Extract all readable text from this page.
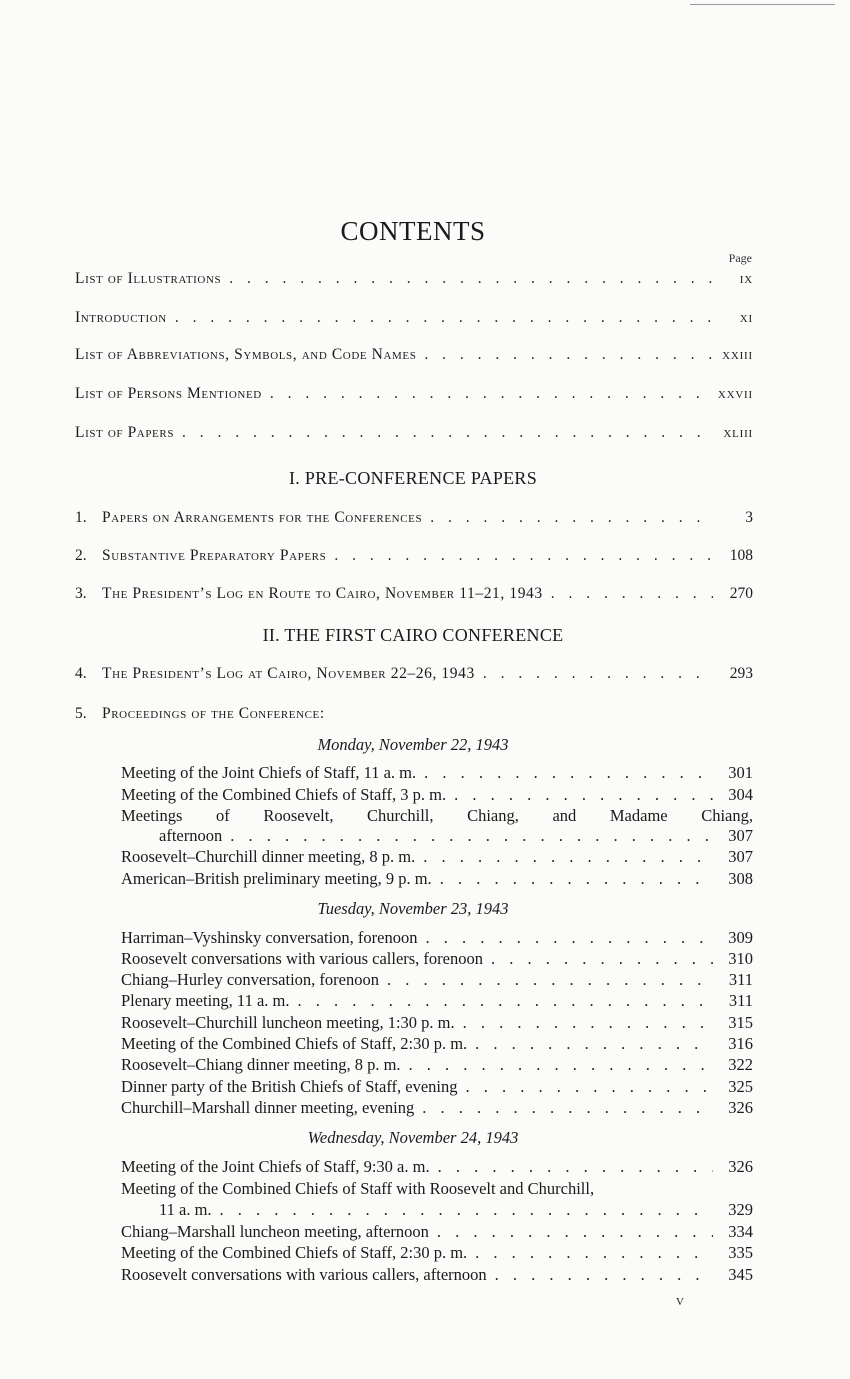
CONTENTS
Page
List of Illustrations . . .	ix
Introduction . . .	xi
List of Abbreviations, Symbols, and Code Names . . .	xxiii
List of Persons Mentioned . . .	xxvii
List of Papers . . .	xliii
I. PRE-CONFERENCE PAPERS
1. Papers on Arrangements for the Conferences . . .	3
2. Substantive Preparatory Papers . . .	108
3. The President’s Log en Route to Cairo, November 11–21, 1943 . . .	270
II. THE FIRST CAIRO CONFERENCE
4. The President’s Log at Cairo, November 22–26, 1943 . . .	293
5. Proceedings of the Conference:
Monday, November 22, 1943
Meeting of the Joint Chiefs of Staff, 11 a. m. . . .	301
Meeting of the Combined Chiefs of Staff, 3 p. m. . . .	304
Meetings of Roosevelt, Churchill, Chiang, and Madame Chiang,
afternoon . . .	307
Roosevelt–Churchill dinner meeting, 8 p. m. . . .	307
American–British preliminary meeting, 9 p. m. . . .	308
Tuesday, November 23, 1943
Harriman–Vyshinsky conversation, forenoon . . .	309
Roosevelt conversations with various callers, forenoon . . .	310
Chiang–Hurley conversation, forenoon . . .	311
Plenary meeting, 11 a. m. . . .	311
Roosevelt–Churchill luncheon meeting, 1:30 p. m. . . .	315
Meeting of the Combined Chiefs of Staff, 2:30 p. m. . . .	316
Roosevelt–Chiang dinner meeting, 8 p. m. . . .	322
Dinner party of the British Chiefs of Staff, evening . . .	325
Churchill–Marshall dinner meeting, evening . . .	326
Wednesday, November 24, 1943
Meeting of the Joint Chiefs of Staff, 9:30 a. m. . . .	326
Meeting of the Combined Chiefs of Staff with Roosevelt and Churchill,
11 a. m. . . .	329
Chiang–Marshall luncheon meeting, afternoon . . .	334
Meeting of the Combined Chiefs of Staff, 2:30 p. m. . . .	335
Roosevelt conversations with various callers, afternoon . . .	345
v
